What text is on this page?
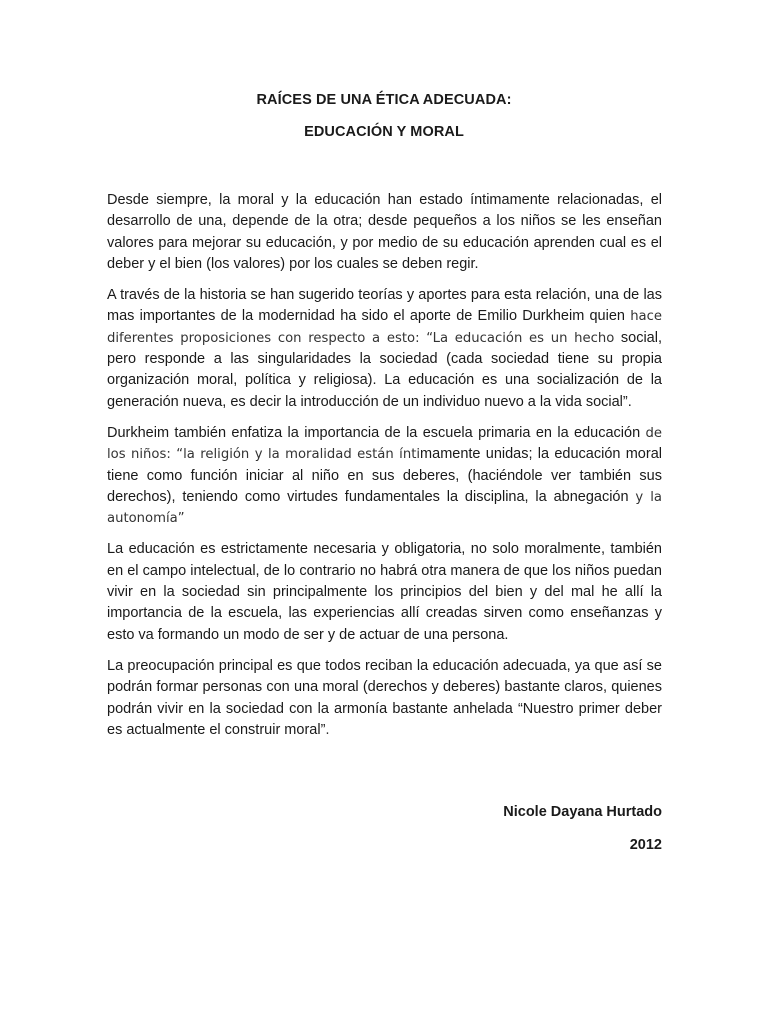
RAÍCES DE UNA ÉTICA ADECUADA:
EDUCACIÓN Y MORAL

Desde siempre, la moral y la educación han estado íntimamente relacionadas, el desarrollo de una, depende de la otra; desde pequeños a los niños se les enseñan valores para mejorar su educación, y por medio de su educación aprenden cual es el deber y el bien (los valores) por los cuales se deben regir.

A través de la historia se han sugerido teorías y aportes para esta relación, una de las mas importantes de la modernidad ha sido el aporte de Emilio Durkheim quien hace diferentes proposiciones con respecto a esto: “La educación es un hecho social, pero responde a las singularidades la sociedad (cada sociedad tiene su propia organización moral, política y religiosa). La educación es una socialización de la generación nueva, es decir la introducción de un individuo nuevo a la vida social”.

Durkheim también enfatiza la importancia de la escuela primaria en la educación de los niños: “la religión y la moralidad están íntimamente unidas; la educación moral tiene como función iniciar al niño en sus deberes, (haciéndole ver también sus derechos), teniendo como virtudes fundamentales la disciplina, la abnegación y la autonomía”

La educación es estrictamente necesaria y obligatoria, no solo moralmente, también en el campo intelectual, de lo contrario no habrá otra manera de que los niños puedan vivir en la sociedad sin principalmente los principios del bien y del mal he allí la importancia de la escuela, las experiencias allí creadas sirven como enseñanzas y esto va formando un modo de ser y de actuar de una persona.

La preocupación principal es que todos reciban la educación adecuada, ya que así se podrán formar personas con una moral (derechos y deberes) bastante claros, quienes podrán vivir en la sociedad con la armonía bastante anhelada “Nuestro primer deber es actualmente el construir moral”.

Nicole Dayana Hurtado
2012
